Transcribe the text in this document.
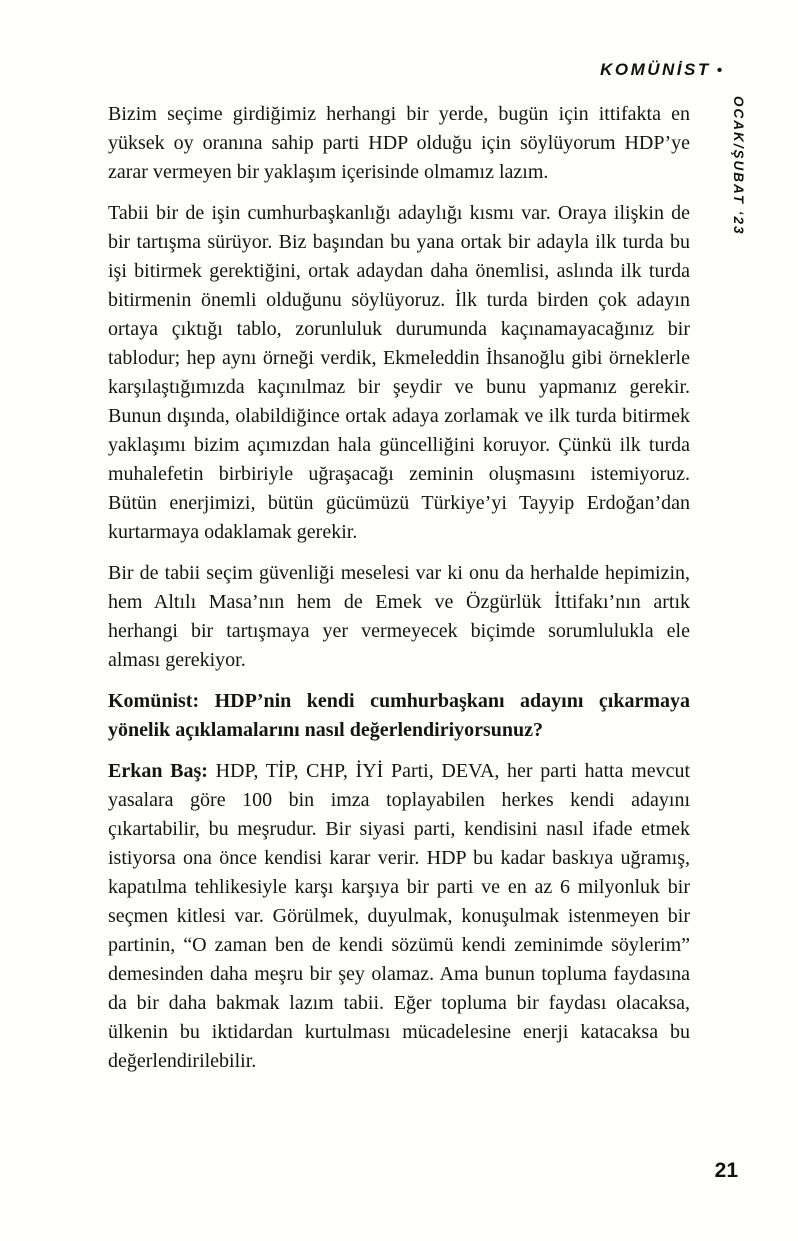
KOMÜNİST •
OCAK/ŞUBAT ‘23

Bizim seçime girdiğimiz herhangi bir yerde, bugün için ittifakta en yüksek oy oranına sahip parti HDP olduğu için söylüyorum HDP’ye zarar vermeyen bir yaklaşım içerisinde olmamız lazım.

Tabii bir de işin cumhurbaşkanlığı adaylığı kısmı var. Oraya ilişkin de bir tartışma sürüyor. Biz başından bu yana ortak bir adayla ilk turda bu işi bitirmek gerektiğini, ortak adaydan daha önemlisi, aslında ilk turda bitirmenin önemli olduğunu söylüyoruz. İlk turda birden çok adayın ortaya çıktığı tablo, zorunluluk durumunda kaçınamayacağınız bir tablodur; hep aynı örneği verdik, Ekmeleddin İhsanoğlu gibi örneklerle karşılaştığımızda kaçınılmaz bir şeydir ve bunu yapmanız gerekir. Bunun dışında, olabildiğince ortak adaya zorlamak ve ilk turda bitirmek yaklaşımı bizim açımızdan hala güncelliğini koruyor. Çünkü ilk turda muhalefetin birbiriyle uğraşacağı zeminin oluşmasını istemiyoruz. Bütün enerjimizi, bütün gücümüzü Türkiye’yi Tayyip Erdoğan’dan kurtarmaya odaklamak gerekir.

Bir de tabii seçim güvenliği meselesi var ki onu da herhalde hepimizin, hem Altılı Masa’nın hem de Emek ve Özgürlük İttifakı’nın artık herhangi bir tartışmaya yer vermeyecek biçimde sorumlulukla ele alması gerekiyor.

Komünist: HDP’nin kendi cumhurbaşkanı adayını çıkarmaya yönelik açıklamalarını nasıl değerlendiriyorsunuz?

Erkan Baş: HDP, TİP, CHP, İYİ Parti, DEVA, her parti hatta mevcut yasalara göre 100 bin imza toplayabilen herkes kendi adayını çıkartabilir, bu meşrudur. Bir siyasi parti, kendisini nasıl ifade etmek istiyorsa ona önce kendisi karar verir. HDP bu kadar baskıya uğramış, kapatılma tehlikesiyle karşı karşıya bir parti ve en az 6 milyonluk bir seçmen kitlesi var. Görülmek, duyulmak, konuşulmak istenmeyen bir partinin, “O zaman ben de kendi sözümü kendi zeminimde söylerim” demesinden daha meşru bir şey olamaz. Ama bunun topluma faydasına da bir daha bakmak lazım tabii. Eğer topluma bir faydası olacaksa, ülkenin bu iktidardan kurtulması mücadelesine enerji katacaksa bu değerlendirilebilir.

21
